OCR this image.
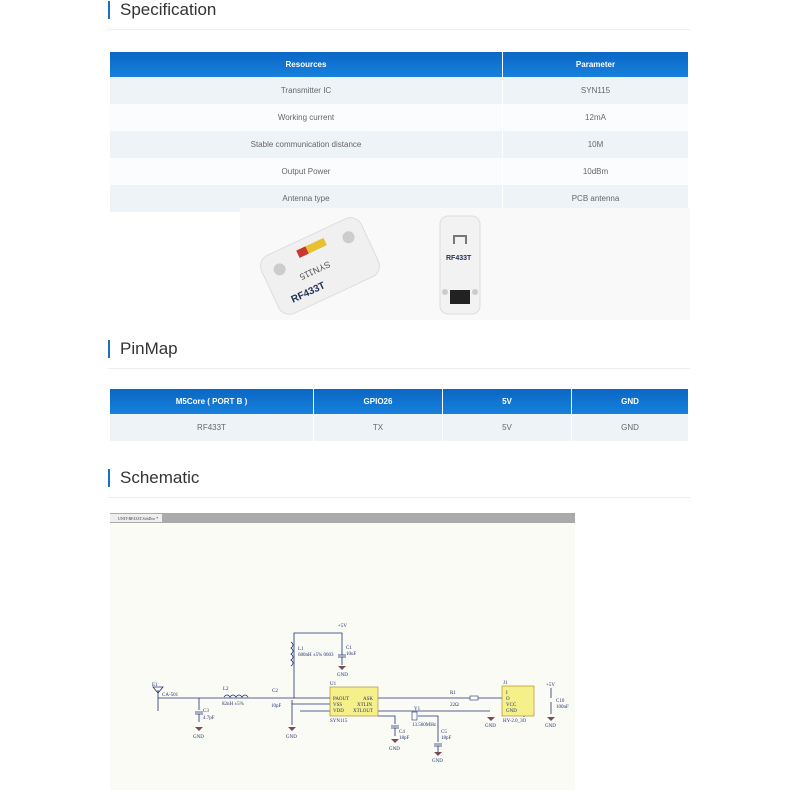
Specification
Resources	Parameter
Transmitter IC	SYN115
Working current	12mA
Stable communication distance	10M
Output Power	10dBm
Antenna type	PCB antenna
SYN115
RF433T
RF433T
PinMap
M5Core ( PORT B )	GPIO26	5V	GND
RF433T	TX	5V	GND
Schematic
UNIT-RF433T.SchDoc *
E1
CA-501
C3
4.7pF
L2
82nH ±5%
C2
10pF
L1
680nH ±5% 0603
C1
10uF
+5V
U1
SYN115
PAOUT
VSS
VDD
ASK
XTLIN
XTLOUT	Y1
13.560MHz
C4
18pF
C5
18pF
R1
22Ω
J1
HY-2.0_3O
I
O
VCC
GND
C10
100nF
+5V
GND	GND
GND
GND
GND
GND	GND
